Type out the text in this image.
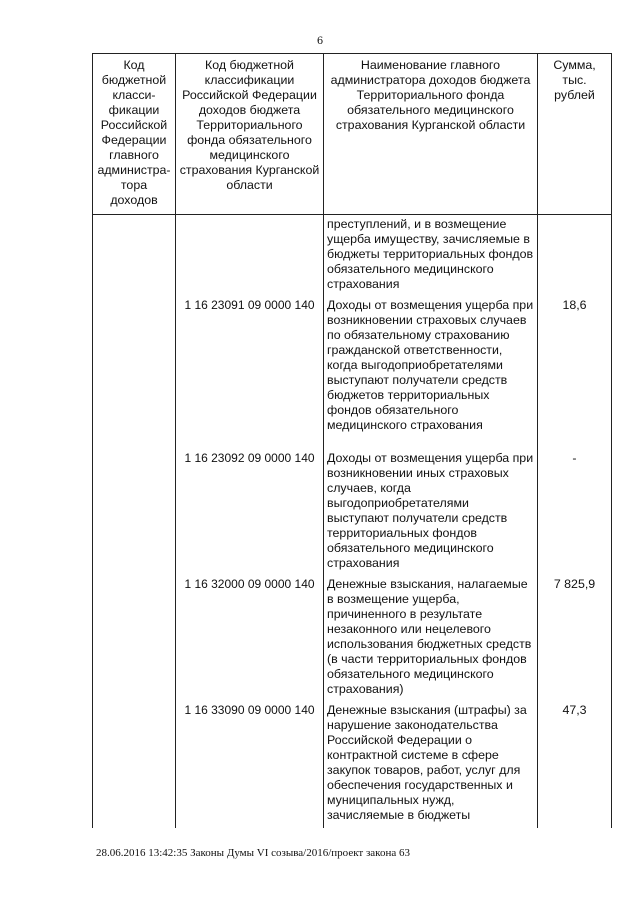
6
Код бюджетной класси-фикации Российской Федерации главного администра-тора доходов	Код бюджетной классификации Российской Федерации доходов бюджета Территориального фонда обязательного медицинского страхования Курганской области	Наименование главного администратора доходов бюджета Территориального фонда обязательного медицинского страхования Курганской области	Сумма, тыс. рублей
		преступлений, и в возмещение ущерба имуществу, зачисляемые в бюджеты территориальных фондов обязательного медицинского страхования	
	1 16 23091 09 0000 140	Доходы от возмещения ущерба при возникновении страховых случаев по обязательному страхованию гражданской ответственности, когда выгодоприобретателями выступают получатели средств бюджетов территориальных фондов обязательного медицинского страхования	18,6
	1 16 23092 09 0000 140	Доходы от возмещения ущерба при возникновении иных страховых случаев, когда выгодоприобретателями выступают получатели средств территориальных фондов обязательного медицинского страхования	-
	1 16 32000 09 0000 140	Денежные взыскания, налагаемые в возмещение ущерба, причиненного в результате незаконного или нецелевого использования бюджетных средств (в части территориальных фондов обязательного медицинского страхования)	7 825,9
	1 16 33090 09 0000 140	Денежные взыскания (штрафы) за нарушение законодательства Российской Федерации о контрактной системе в сфере закупок товаров, работ, услуг для обеспечения государственных и муниципальных нужд, зачисляемые в бюджеты	47,3
28.06.2016 13:42:35 Законы Думы VI созыва/2016/проект закона 63
